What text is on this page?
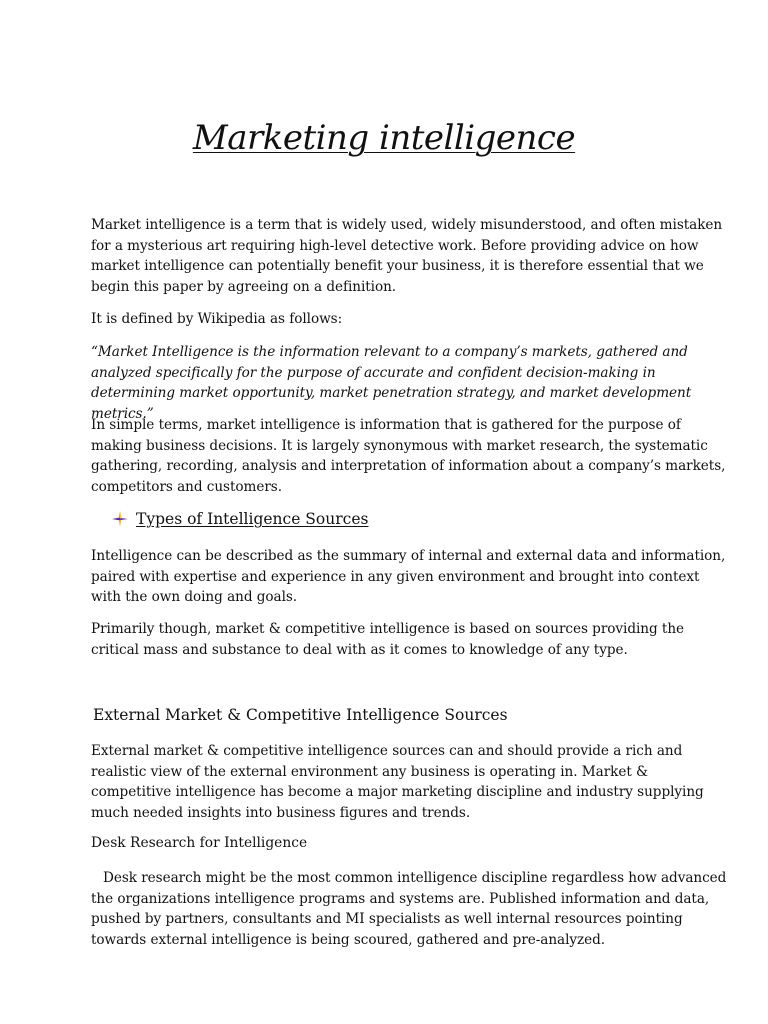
Marketing intelligence

Market intelligence is a term that is widely used, widely misunderstood, and often mistaken for a mysterious art requiring high-level detective work. Before providing advice on how market intelligence can potentially benefit your business, it is therefore essential that we begin this paper by agreeing on a definition.

It is defined by Wikipedia as follows:

“Market Intelligence is the information relevant to a company’s markets, gathered and analyzed specifically for the purpose of accurate and confident decision-making in determining market opportunity, market penetration strategy, and market development metrics.”

In simple terms, market intelligence is information that is gathered for the purpose of making business decisions. It is largely synonymous with market research, the systematic gathering, recording, analysis and interpretation of information about a company’s markets, competitors and customers.

Types of Intelligence Sources

Intelligence can be described as the summary of internal and external data and information, paired with expertise and experience in any given environment and brought into context with the own doing and goals.

Primarily though, market & competitive intelligence is based on sources providing the critical mass and substance to deal with as it comes to knowledge of any type.

External Market & Competitive Intelligence Sources

External market & competitive intelligence sources can and should provide a rich and realistic view of the external environment any business is operating in. Market & competitive intelligence has become a major marketing discipline and industry supplying much needed insights into business figures and trends.

Desk Research for Intelligence

Desk research might be the most common intelligence discipline regardless how advanced the organizations intelligence programs and systems are. Published information and data, pushed by partners, consultants and MI specialists as well internal resources pointing towards external intelligence is being scoured, gathered and pre-analyzed.
